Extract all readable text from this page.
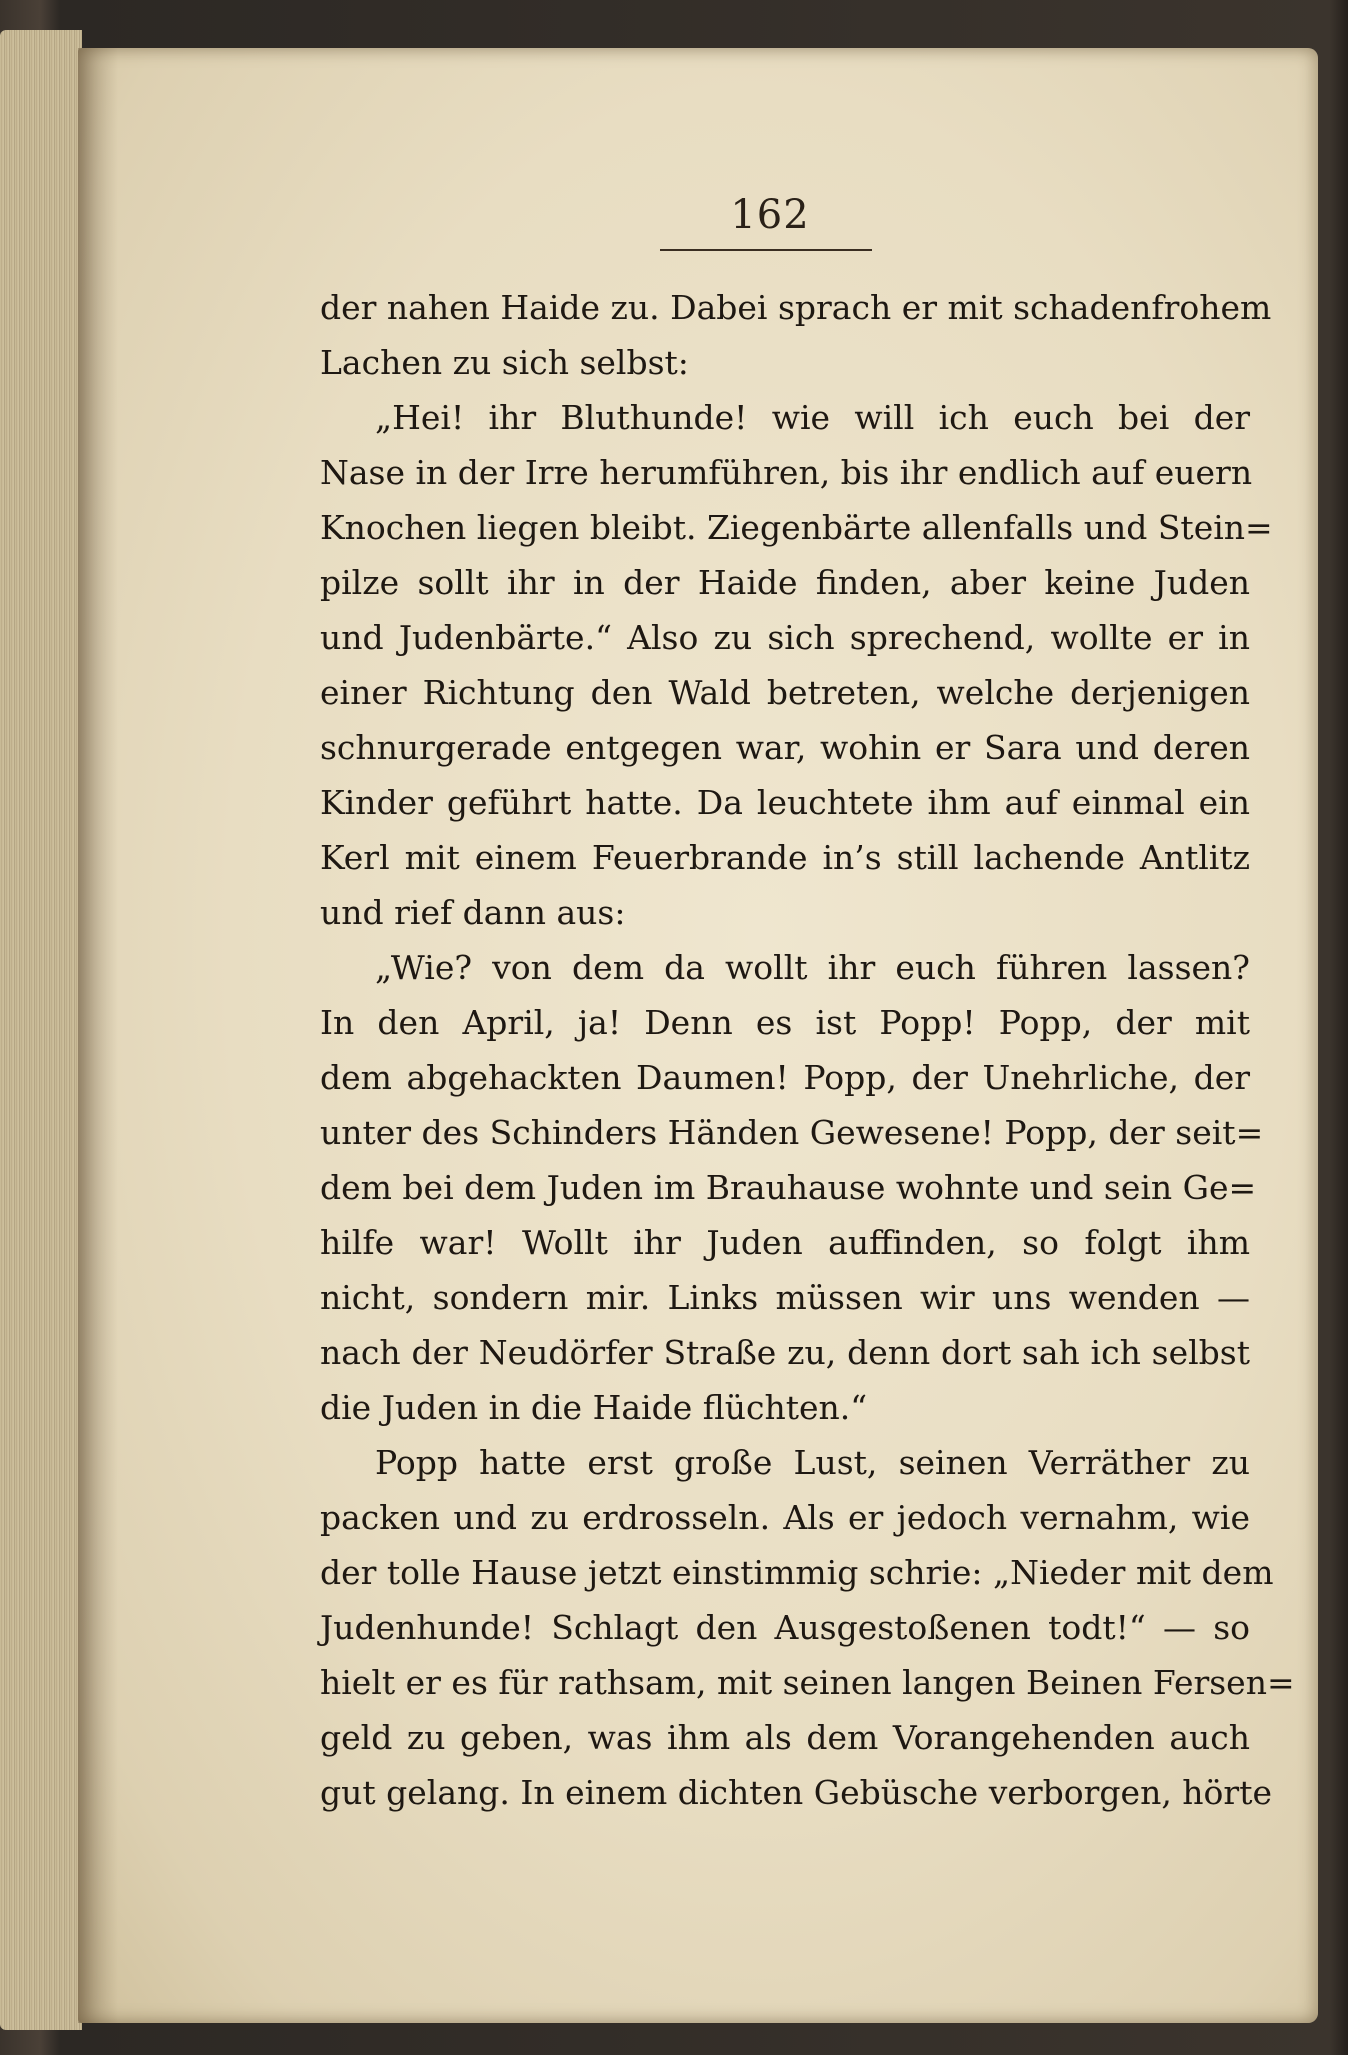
162
der nahen Haide zu. Dabei sprach er mit schadenfrohem
Lachen zu sich selbst:
„Hei! ihr Bluthunde! wie will ich euch bei der
Nase in der Irre herumführen, bis ihr endlich auf euern
Knochen liegen bleibt. Ziegenbärte allenfalls und Stein=
pilze sollt ihr in der Haide finden, aber keine Juden
und Judenbärte.“ Also zu sich sprechend, wollte er in
einer Richtung den Wald betreten, welche derjenigen
schnurgerade entgegen war, wohin er Sara und deren
Kinder geführt hatte. Da leuchtete ihm auf einmal ein
Kerl mit einem Feuerbrande in’s still lachende Antlitz
und rief dann aus:
„Wie? von dem da wollt ihr euch führen lassen?
In den April, ja! Denn es ist Popp! Popp, der mit
dem abgehackten Daumen! Popp, der Unehrliche, der
unter des Schinders Händen Gewesene! Popp, der seit=
dem bei dem Juden im Brauhause wohnte und sein Ge=
hilfe war! Wollt ihr Juden auffinden, so folgt ihm
nicht, sondern mir. Links müssen wir uns wenden —
nach der Neudörfer Straße zu, denn dort sah ich selbst
die Juden in die Haide flüchten.“
Popp hatte erst große Lust, seinen Verräther zu
packen und zu erdrosseln. Als er jedoch vernahm, wie
der tolle Hause jetzt einstimmig schrie: „Nieder mit dem
Judenhunde! Schlagt den Ausgestoßenen todt!“ — so
hielt er es für rathsam, mit seinen langen Beinen Fersen=
geld zu geben, was ihm als dem Vorangehenden auch
gut gelang. In einem dichten Gebüsche verborgen, hörte
